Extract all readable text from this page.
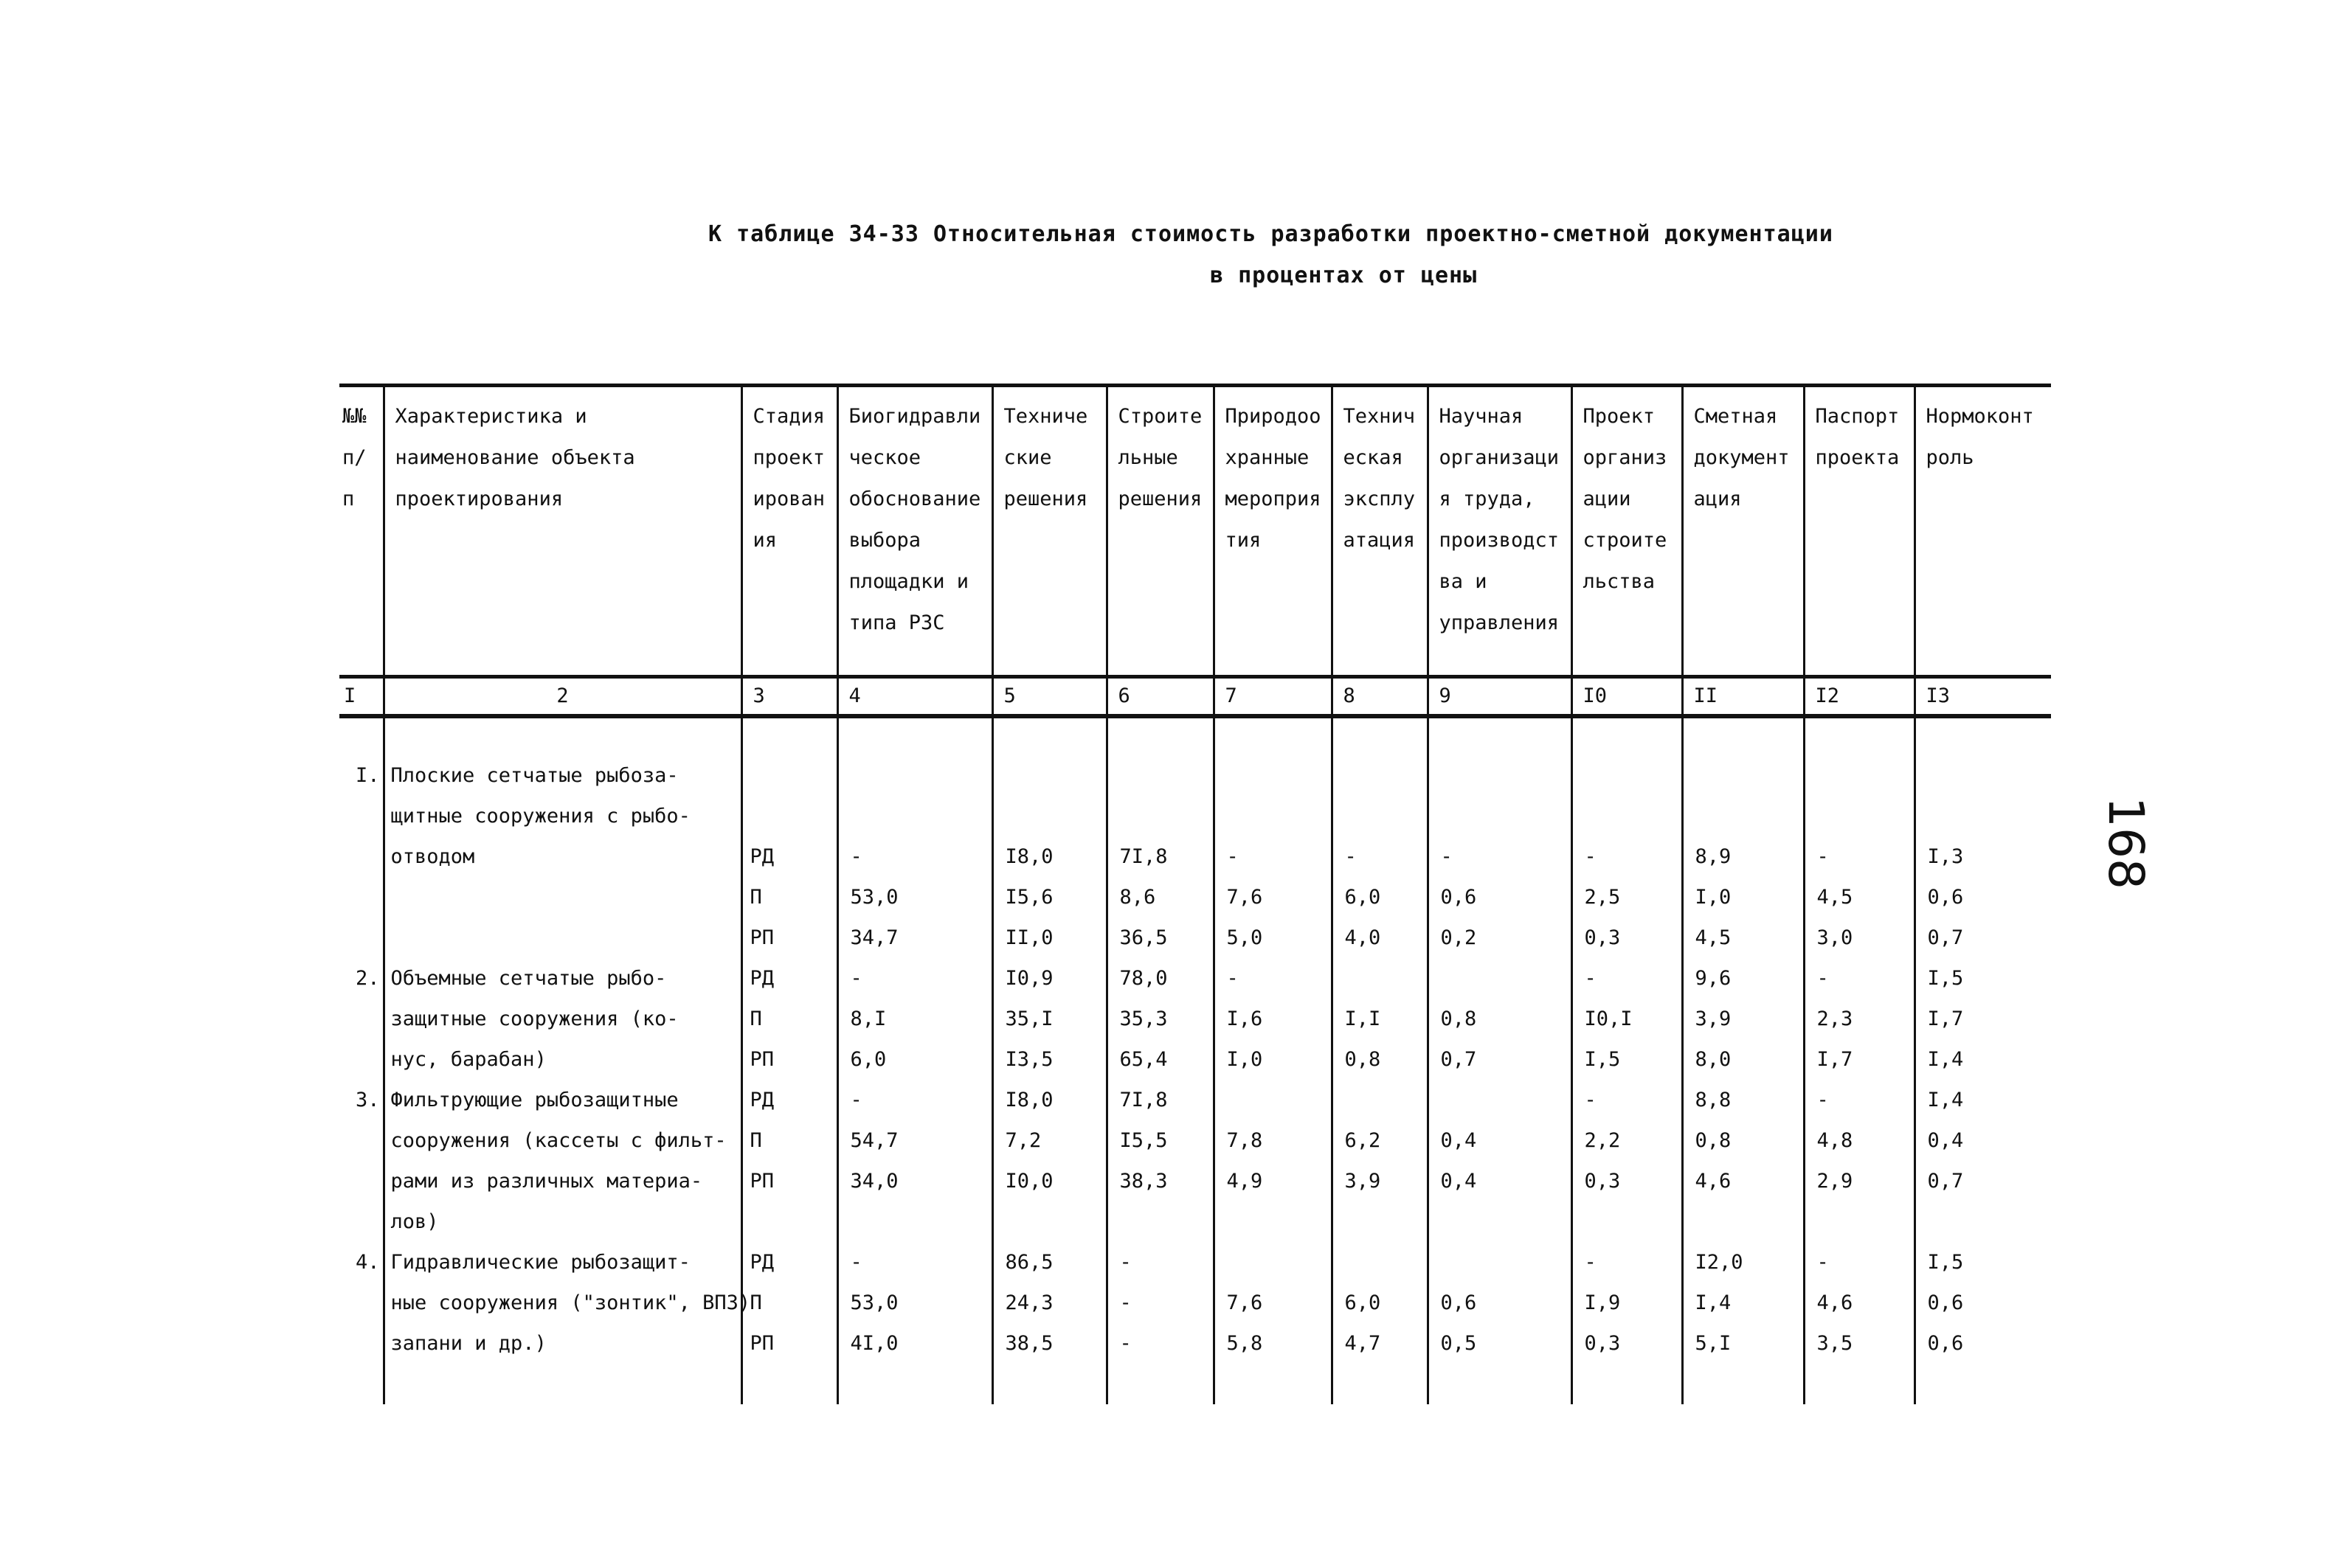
К таблице 34-33 Относительная стоимость разработки проектно-сметной документации
в процентах от цены
168
№№ п/п	Характеристика и наименование объекта проектирования	Стадия проектирования	Биогидравлическое обоснование выбора площадки и типа РЗС	Технические решения	Строительные решения	Природоохранные мероприятия	Техническая эксплуатация	Научная организация труда, производства и управления	Проект организации строительства	Сметная документация	Паспорт проекта	Нормоконтроль
I	2	3	4	5	6	7	8	9	I0	II	I2	I3

I.	Плоские сетчатые рыбоза-											
	щитные сооружения с рыбо-											
	отводом	РД	-	I8,0	7I,8	-	-	-	-	8,9	-	I,3
		П	53,0	I5,6	8,6	7,6	6,0	0,6	2,5	I,0	4,5	0,6
		РП	34,7	II,0	36,5	5,0	4,0	0,2	0,3	4,5	3,0	0,7
2.	Объемные сетчатые рыбо-	РД	-	I0,9	78,0	-			-	9,6	-	I,5
	защитные сооружения (ко-	П	8,I	35,I	35,3	I,6	I,I	0,8	I0,I	3,9	2,3	I,7
	нус, барабан)	РП	6,0	I3,5	65,4	I,0	0,8	0,7	I,5	8,0	I,7	I,4
3.	Фильтрующие рыбозащитные	РД	-	I8,0	7I,8				-	8,8	-	I,4
	сооружения (кассеты с фильт-	П	54,7	7,2	I5,5	7,8	6,2	0,4	2,2	0,8	4,8	0,4
	рами из различных материа-	РП	34,0	I0,0	38,3	4,9	3,9	0,4	0,3	4,6	2,9	0,7
	лов)											
4.	Гидравлические рыбозащит-	РД	-	86,5	-				-	I2,0	-	I,5
	ные сооружения ("зонтик", ВПЗ)	П	53,0	24,3	-	7,6	6,0	0,6	I,9	I,4	4,6	0,6
	запани и др.)	РП	4I,0	38,5	-	5,8	4,7	0,5	0,3	5,I	3,5	0,6
